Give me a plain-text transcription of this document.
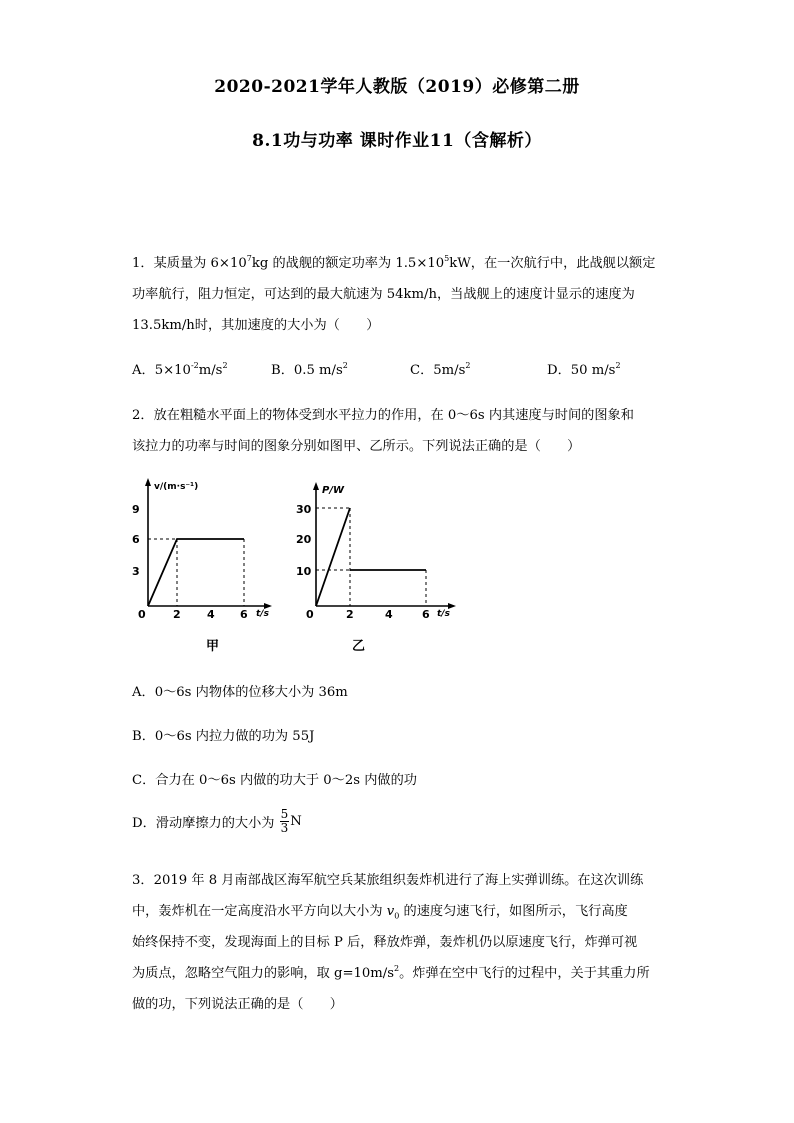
2020-2021学年人教版（2019）必修第二册
8.1功与功率 课时作业11（含解析）
1．某质量为 $6\times 10^7kg$ 的战舰的额定功率为 $1.5\times 10^5kW$，在一次航行中，此战舰以额定
功率航行，阻力恒定，可达到的最大航速为 54km/h，当战舰上的速度计显示的速度为
13.5km/h时，其加速度的大小为（　　）
A．$5\times 10^{-2}m/s^2$	B．0.5 $m/s^2$	C．$5m/s^2$	D．50 $m/s^2$
2．放在粗糙水平面上的物体受到水平拉力的作用，在 0～6s 内其速度与时间的图象和
该拉力的功率与时间的图象分别如图甲、乙所示。下列说法正确的是（　　）
v/(m·s⁻¹)
9
6
3
0 2 4 6 t/s
甲
P/W
30
20
10
0	2	4	6 t/s
乙
A．0～6s 内物体的位移大小为 36m
B．0～6s 内拉力做的功为 55J
C．合力在 0～6s 内做的功大于 0～2s 内做的功
D．滑动摩擦力的大小为 $\frac{5}{3}$ N
3．2019 年 8 月南部战区海军航空兵某旅组织轰炸机进行了海上实弹训练。在这次训练
中，轰炸机在一定高度沿水平方向以大小为 $v_0$ 的速度匀速飞行，如图所示，飞行高度
始终保持不变，发现海面上的目标 P 后，释放炸弹，轰炸机仍以原速度飞行，炸弹可视
为质点，忽略空气阻力的影响，取 $g=10m/s^2$。炸弹在空中飞行的过程中，关于其重力所
做的功，下列说法正确的是（　　）
